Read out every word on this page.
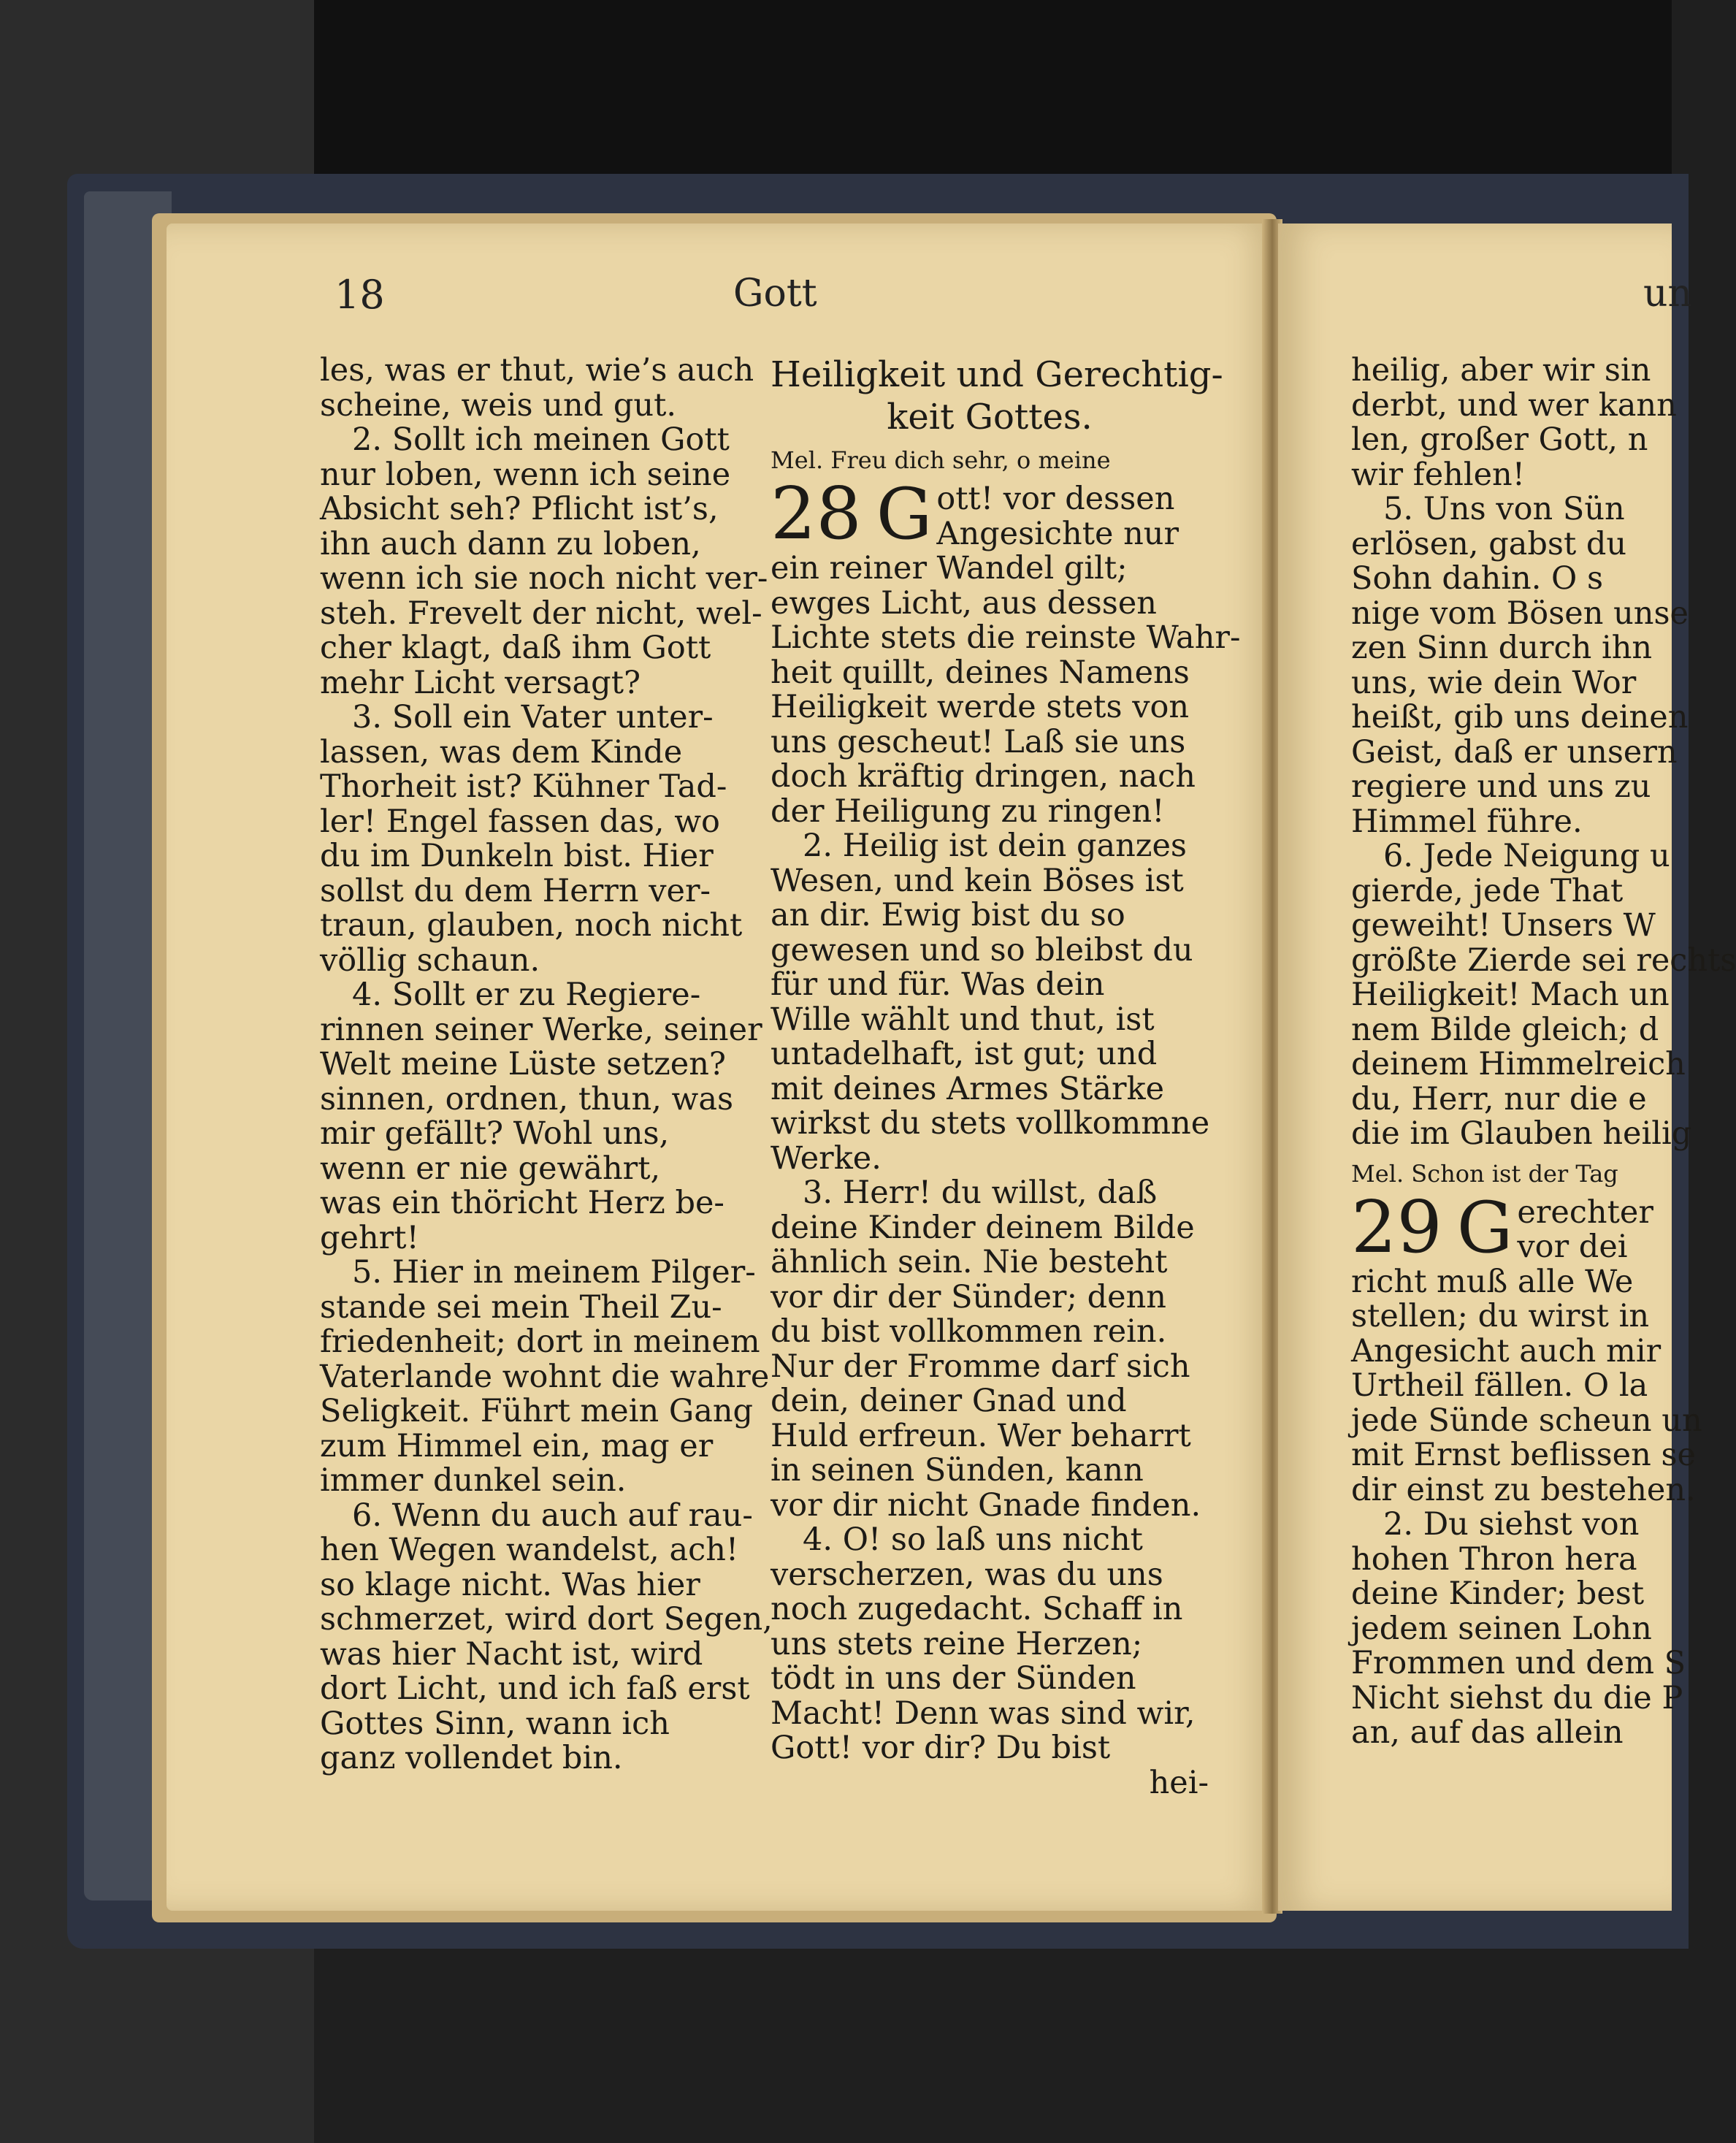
18	Gott	un
les, was er thut, wie’s auch
scheine, weis und gut.
2. Sollt ich meinen Gott
nur loben, wenn ich seine
Absicht seh? Pflicht ist’s,
ihn auch dann zu loben,
wenn ich sie noch nicht ver-
steh. Frevelt der nicht, wel-
cher klagt, daß ihm Gott
mehr Licht versagt?
3. Soll ein Vater unter-
lassen, was dem Kinde
Thorheit ist? Kühner Tad-
ler! Engel fassen das, wo
du im Dunkeln bist. Hier
sollst du dem Herrn ver-
traun, glauben, noch nicht
völlig schaun.
4. Sollt er zu Regiere-
rinnen seiner Werke, seiner
Welt meine Lüste setzen?
sinnen, ordnen, thun, was
mir gefällt? Wohl uns,
wenn er nie gewährt,
was ein thöricht Herz be-
gehrt!
5. Hier in meinem Pilger-
stande sei mein Theil Zu-
friedenheit; dort in meinem
Vaterlande wohnt die wahre
Seligkeit. Führt mein Gang
zum Himmel ein, mag er
immer dunkel sein.
6. Wenn du auch auf rau-
hen Wegen wandelst, ach!
so klage nicht. Was hier
schmerzet, wird dort Segen,
was hier Nacht ist, wird
dort Licht, und ich faß erst
Gottes Sinn, wann ich
ganz vollendet bin.

Heiligkeit und Gerechtig-
keit Gottes.

Mel. Freu dich sehr, o meine

28 G ott! vor dessen
Angesichte nur
ein reiner Wandel gilt;
ewges Licht, aus dessen
Lichte stets die reinste Wahr-
heit quillt, deines Namens
Heiligkeit werde stets von
uns gescheut! Laß sie uns
doch kräftig dringen, nach
der Heiligung zu ringen!
2. Heilig ist dein ganzes
Wesen, und kein Böses ist
an dir. Ewig bist du so
gewesen und so bleibst du
für und für. Was dein
Wille wählt und thut, ist
untadelhaft, ist gut; und
mit deines Armes Stärke
wirkst du stets vollkommne
Werke.
3. Herr! du willst, daß
deine Kinder deinem Bilde
ähnlich sein. Nie besteht
vor dir der Sünder; denn
du bist vollkommen rein.
Nur der Fromme darf sich
dein, deiner Gnad und
Huld erfreun. Wer beharrt
in seinen Sünden, kann
vor dir nicht Gnade finden.
4. O! so laß uns nicht
verscherzen, was du uns
noch zugedacht. Schaff in
uns stets reine Herzen;
tödt in uns der Sünden
Macht! Denn was sind wir,
Gott! vor dir? Du bist

hei-

heilig, aber wir sin
derbt, und wer kann
len, großer Gott, n
wir fehlen!
5. Uns von Sün
erlösen, gabst du
Sohn dahin. O s
nige vom Bösen unse
zen Sinn durch ihn
uns, wie dein Wor
heißt, gib uns deinen
Geist, daß er unsern
regiere und uns zu
Himmel führe.
6. Jede Neigung u
gierde, jede That
geweiht! Unsers W
größte Zierde sei rechts
Heiligkeit! Mach un
nem Bilde gleich; d
deinem Himmelreich
du, Herr, nur die e
die im Glauben heilig

Mel. Schon ist der Tag

29 G erechter
vor dei
richt muß alle We
stellen; du wirst in
Angesicht auch mir
Urtheil fällen. O la
jede Sünde scheun un
mit Ernst beflissen se
dir einst zu bestehen.
2. Du siehst von
hohen Thron hera
deine Kinder; best
jedem seinen Lohn
Frommen und dem S
Nicht siehst du die P
an, auf das allein
